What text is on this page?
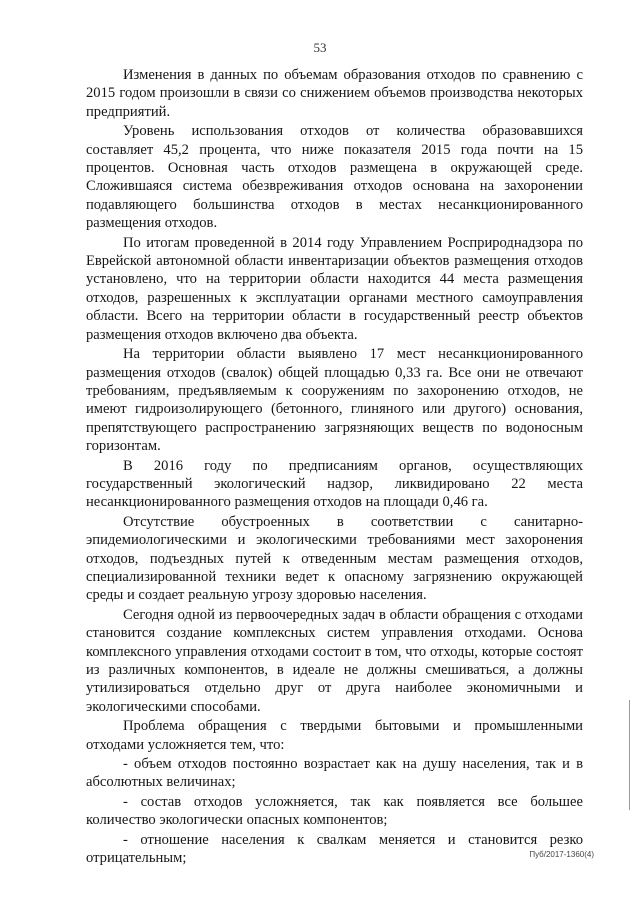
53

Изменения в данных по объемам образования отходов по сравнению с 2015 годом произошли в связи со снижением объемов производства некоторых предприятий.

Уровень использования отходов от количества образовавшихся составляет 45,2 процента, что ниже показателя 2015 года почти на 15 процентов. Основная часть отходов размещена в окружающей среде. Сложившаяся система обезвреживания отходов основана на захоронении подавляющего большинства отходов в местах несанкционированного размещения отходов.

По итогам проведенной в 2014 году Управлением Росприроднадзора по Еврейской автономной области инвентаризации объектов размещения отходов установлено, что на территории области находится 44 места размещения отходов, разрешенных к эксплуатации органами местного самоуправления области. Всего на территории области в государственный реестр объектов размещения отходов включено два объекта.

На территории области выявлено 17 мест несанкционированного размещения отходов (свалок) общей площадью 0,33 га. Все они не отвечают требованиям, предъявляемым к сооружениям по захоронению отходов, не имеют гидроизолирующего (бетонного, глиняного или другого) основания, препятствующего распространению загрязняющих веществ по водоносным горизонтам.

В 2016 году по предписаниям органов, осуществляющих государственный экологический надзор, ликвидировано 22 места несанкционированного размещения отходов на площади 0,46 га.

Отсутствие обустроенных в соответствии с санитарно-эпидемиологическими и экологическими требованиями мест захоронения отходов, подъездных путей к отведенным местам размещения отходов, специализированной техники ведет к опасному загрязнению окружающей среды и создает реальную угрозу здоровью населения.

Сегодня одной из первоочередных задач в области обращения с отходами становится создание комплексных систем управления отходами. Основа комплексного управления отходами состоит в том, что отходы, которые состоят из различных компонентов, в идеале не должны смешиваться, а должны утилизироваться отдельно друг от друга наиболее экономичными и экологическими способами.

Проблема обращения с твердыми бытовыми и промышленными отходами усложняется тем, что:

- объем отходов постоянно возрастает как на душу населения, так и в абсолютных величинах;

- состав отходов усложняется, так как появляется все большее количество экологически опасных компонентов;

- отношение населения к свалкам меняется и становится резко отрицательным;	Пуб/2017-1360(4)
